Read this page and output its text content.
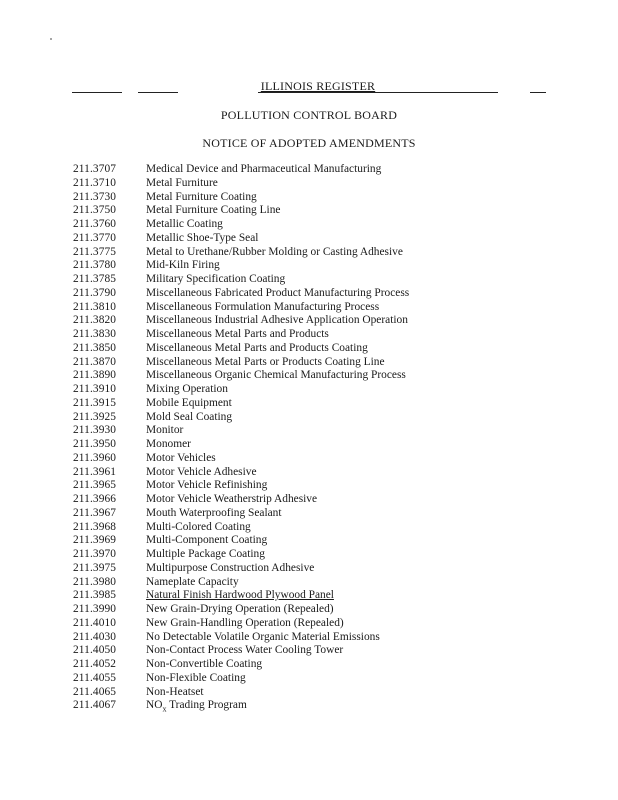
ILLINOIS REGISTER
POLLUTION CONTROL BOARD
NOTICE OF ADOPTED AMENDMENTS
211.3707	Medical Device and Pharmaceutical Manufacturing
211.3710	Metal Furniture
211.3730	Metal Furniture Coating
211.3750	Metal Furniture Coating Line
211.3760	Metallic Coating
211.3770	Metallic Shoe-Type Seal
211.3775	Metal to Urethane/Rubber Molding or Casting Adhesive
211.3780	Mid-Kiln Firing
211.3785	Military Specification Coating
211.3790	Miscellaneous Fabricated Product Manufacturing Process
211.3810	Miscellaneous Formulation Manufacturing Process
211.3820	Miscellaneous Industrial Adhesive Application Operation
211.3830	Miscellaneous Metal Parts and Products
211.3850	Miscellaneous Metal Parts and Products Coating
211.3870	Miscellaneous Metal Parts or Products Coating Line
211.3890	Miscellaneous Organic Chemical Manufacturing Process
211.3910	Mixing Operation
211.3915	Mobile Equipment
211.3925	Mold Seal Coating
211.3930	Monitor
211.3950	Monomer
211.3960	Motor Vehicles
211.3961	Motor Vehicle Adhesive
211.3965	Motor Vehicle Refinishing
211.3966	Motor Vehicle Weatherstrip Adhesive
211.3967	Mouth Waterproofing Sealant
211.3968	Multi-Colored Coating
211.3969	Multi-Component Coating
211.3970	Multiple Package Coating
211.3975	Multipurpose Construction Adhesive
211.3980	Nameplate Capacity
211.3985	Natural Finish Hardwood Plywood Panel
211.3990	New Grain-Drying Operation (Repealed)
211.4010	New Grain-Handling Operation (Repealed)
211.4030	No Detectable Volatile Organic Material Emissions
211.4050	Non-Contact Process Water Cooling Tower
211.4052	Non-Convertible Coating
211.4055	Non-Flexible Coating
211.4065	Non-Heatset
211.4067	$NO_x$ Trading Program
